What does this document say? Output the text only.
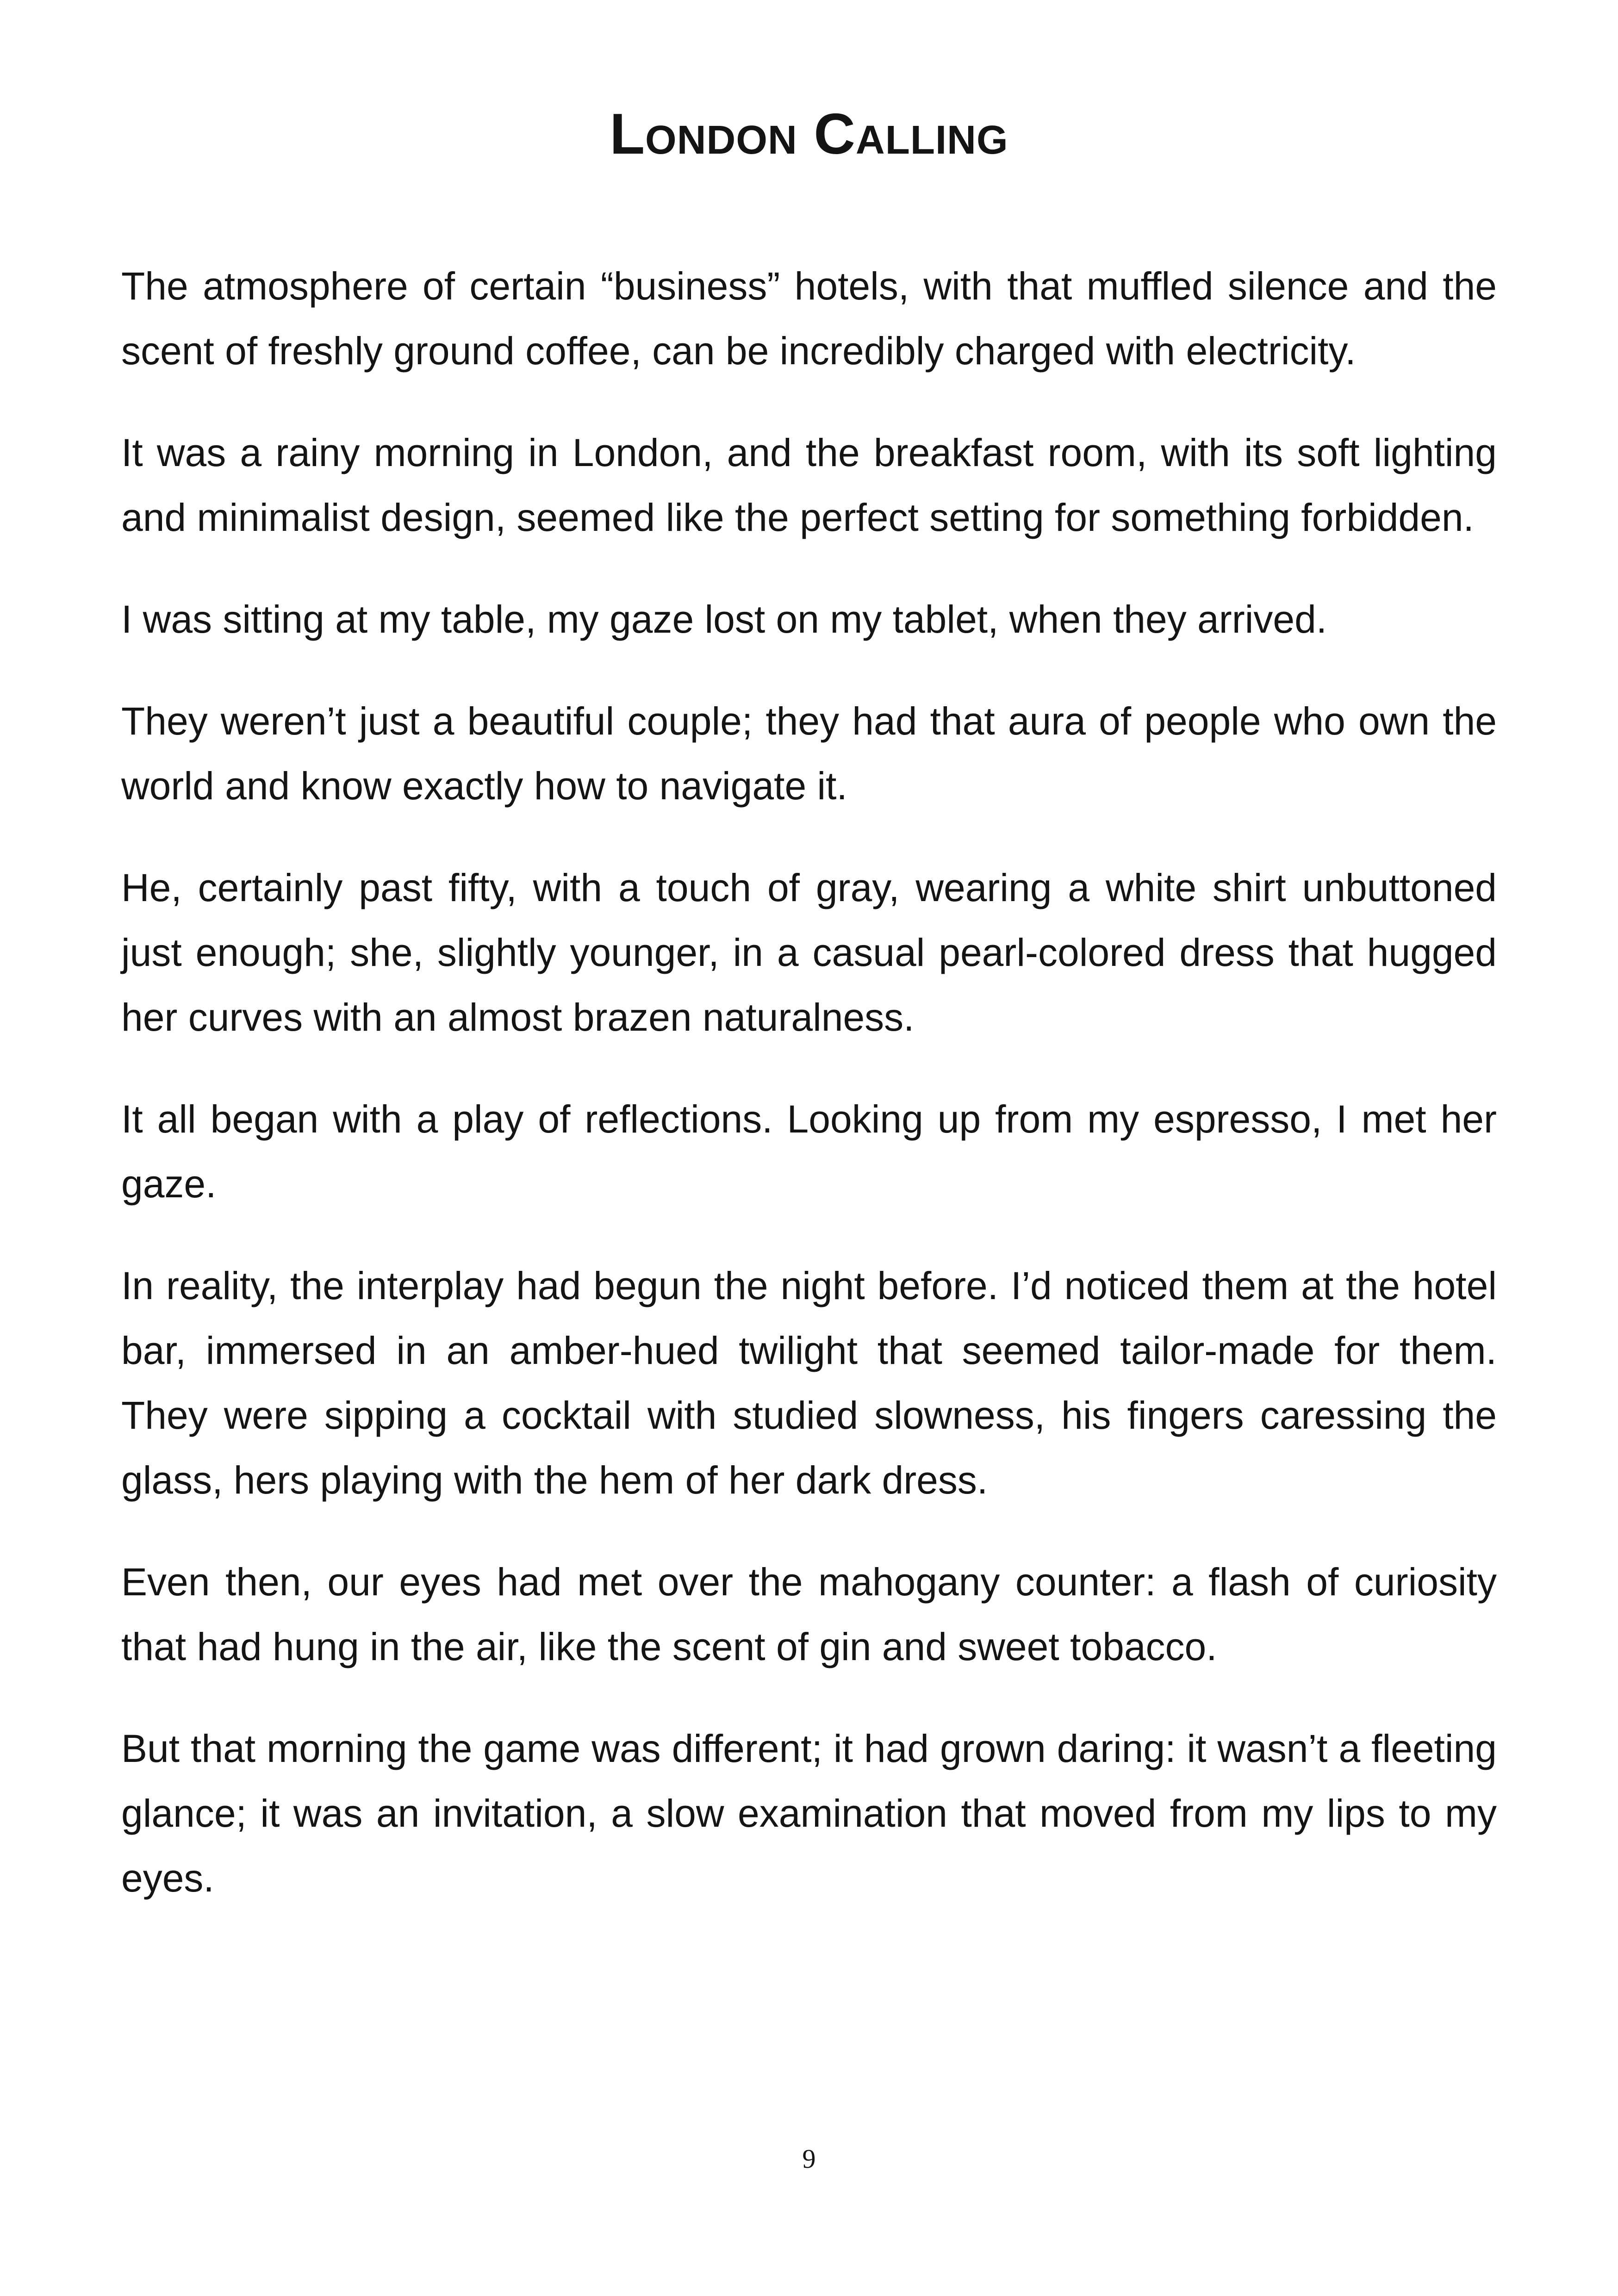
London Calling

The atmosphere of certain “business” hotels, with that muffled silence and the scent of freshly ground coffee, can be incredibly charged with electricity.

It was a rainy morning in London, and the breakfast room, with its soft lighting and minimalist design, seemed like the perfect setting for something forbidden.

I was sitting at my table, my gaze lost on my tablet, when they arrived.

They weren’t just a beautiful couple; they had that aura of people who own the world and know exactly how to navigate it.

He, certainly past fifty, with a touch of gray, wearing a white shirt unbuttoned just enough; she, slightly younger, in a casual pearl-colored dress that hugged her curves with an almost brazen naturalness.

It all began with a play of reflections. Looking up from my espresso, I met her gaze.

In reality, the interplay had begun the night before. I’d noticed them at the hotel bar, immersed in an amber-hued twilight that seemed tailor-made for them. They were sipping a cocktail with studied slowness, his fingers caressing the glass, hers playing with the hem of her dark dress.

Even then, our eyes had met over the mahogany counter: a flash of curiosity that had hung in the air, like the scent of gin and sweet tobacco.

But that morning the game was different; it had grown daring: it wasn’t a fleeting glance; it was an invitation, a slow examination that moved from my lips to my eyes.

9
